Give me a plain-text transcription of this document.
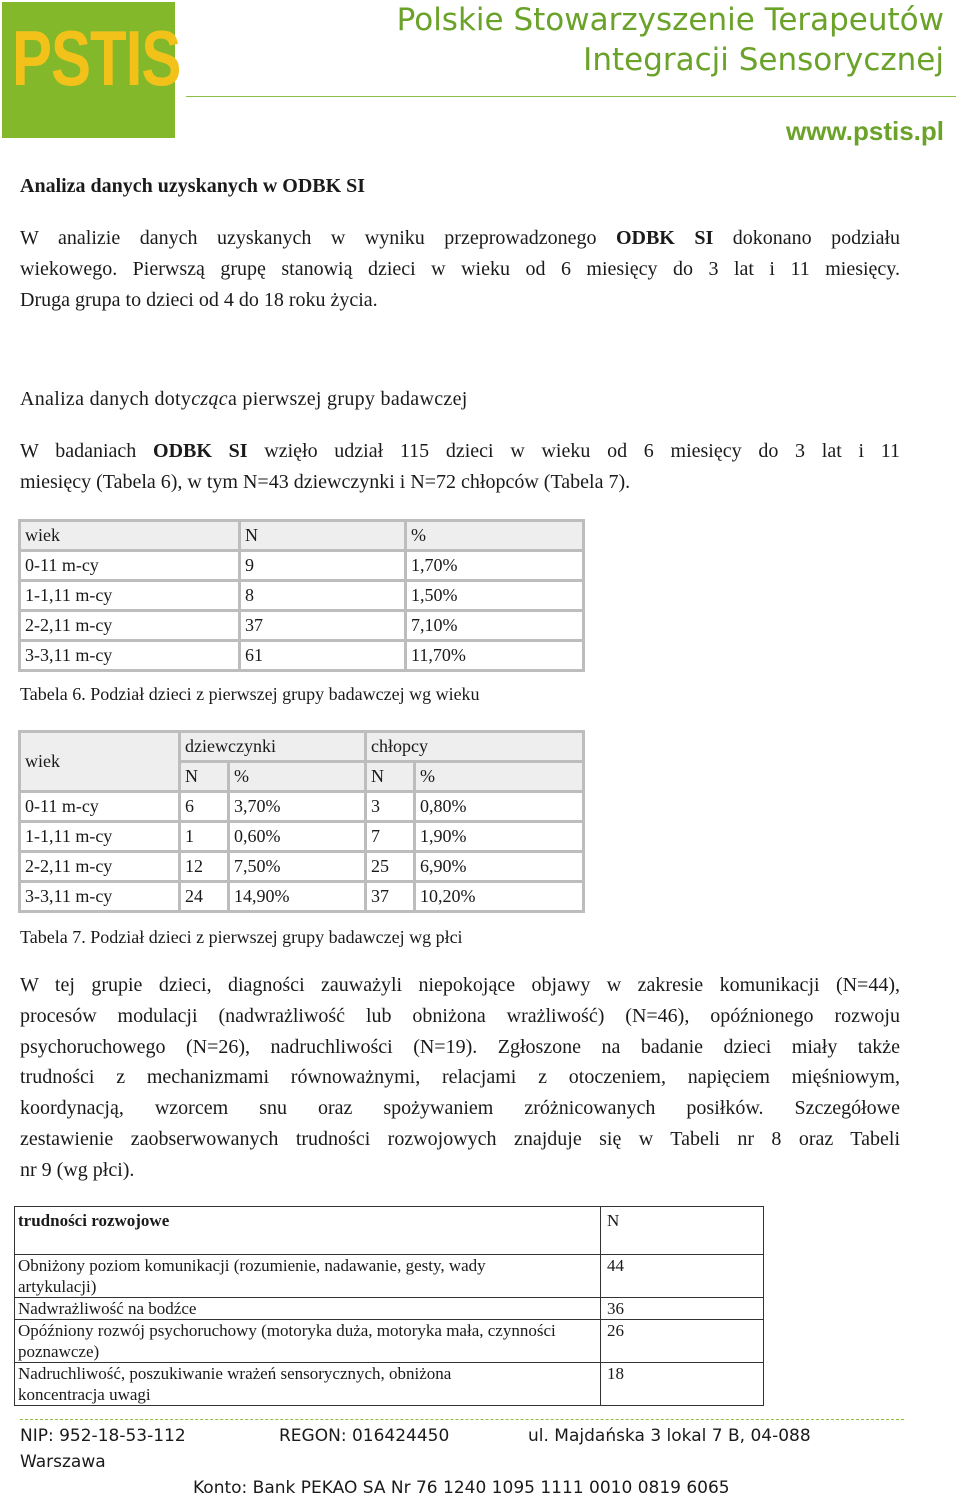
PSTIS	Polskie Stowarzyszenie Terapeutów
Integracji Sensorycznej
www.pstis.pl
Analiza danych uzyskanych w ODBK SI
W analizie danych uzyskanych w wyniku przeprowadzonego ODBK SI dokonano podziału
wiekowego. Pierwszą grupę stanowią dzieci w wieku od 6 miesięcy do 3 lat i 11 miesięcy.
Druga grupa to dzieci od 4 do 18 roku życia.
Analiza danych dotycząca pierwszej grupy badawczej
W badaniach ODBK SI wzięło udział 115 dzieci w wieku od 6 miesięcy do 3 lat i 11
miesięcy (Tabela 6), w tym N=43 dziewczynki i N=72 chłopców (Tabela 7).
wiek	N	%
0-11 m-cy	9	1,70%
1-1,11 m-cy	8	1,50%
2-2,11 m-cy	37	7,10%
3-3,11 m-cy	61	11,70%
Tabela 6. Podział dzieci z pierwszej grupy badawczej wg wieku
wiek	dziewczynki		chłopcy	
	N	%	N	%
0-11 m-cy	6	3,70%	3	0,80%
1-1,11 m-cy	1	0,60%	7	1,90%
2-2,11 m-cy	12	7,50%	25	6,90%
3-3,11 m-cy	24	14,90%	37	10,20%
Tabela 7. Podział dzieci z pierwszej grupy badawczej wg płci
W tej grupie dzieci, diagności zauważyli niepokojące objawy w zakresie komunikacji (N=44),
procesów modulacji (nadwrażliwość lub obniżona wrażliwość) (N=46), opóźnionego rozwoju
psychoruchowego (N=26), nadruchliwości (N=19). Zgłoszone na badanie dzieci miały także
trudności z mechanizmami równoważnymi, relacjami z otoczeniem, napięciem mięśniowym,
koordynacją, wzorcem snu oraz spożywaniem zróżnicowanych posiłków. Szczegółowe
zestawienie zaobserwowanych trudności rozwojowych znajduje się w Tabeli nr 8 oraz Tabeli
nr 9 (wg płci).
trudności rozwojowe	N
Obniżony poziom komunikacji (rozumienie, nadawanie, gesty, wady artykulacji)	44
Nadwrażliwość na bodźce	36
Opóźniony rozwój psychoruchowy (motoryka duża, motoryka mała, czynności poznawcze)	26
Nadruchliwość, poszukiwanie wrażeń sensorycznych, obniżona koncentracja uwagi	18
NIP: 952-18-53-112	REGON: 016424450	ul. Majdańska 3 lokal 7 B, 04-088
Warszawa
Konto: Bank PEKAO SA Nr 76 1240 1095 1111 0010 0819 6065
